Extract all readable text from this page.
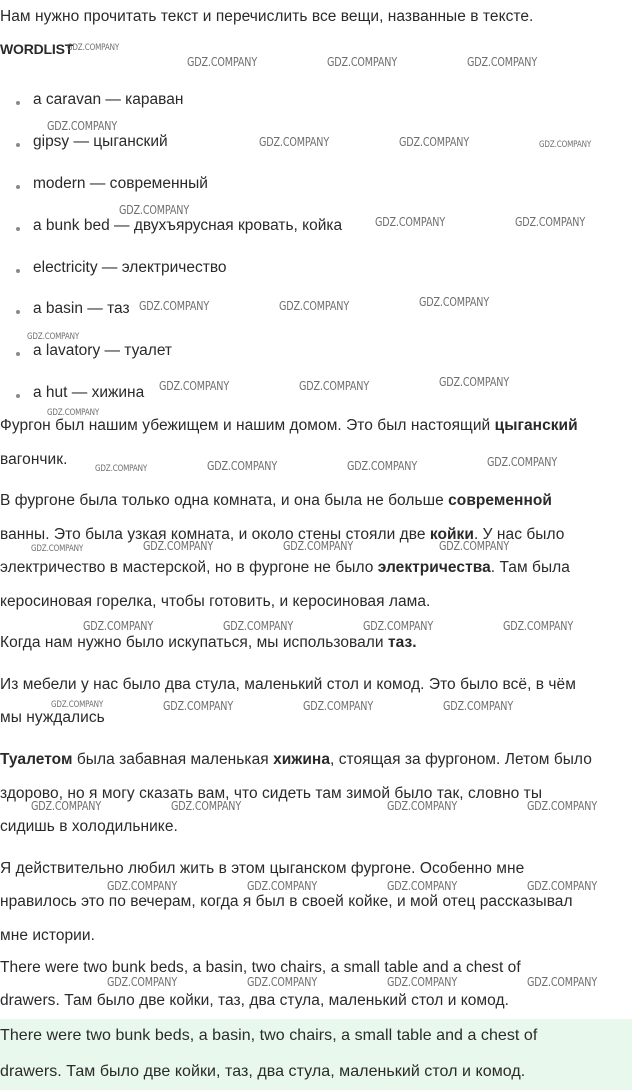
Нам нужно прочитать текст и перечислить все вещи, названные в тексте.
WORDLIST
a caravan — караван
gipsy — цыганский
modern — современный
a bunk bed — двухъярусная кровать, койка
electricity — электричество
a basin — таз
a lavatory — туалет
a hut — хижина
Фургон был нашим убежищем и нашим домом. Это был настоящий цыганский
вагончик.
В фургоне была только одна комната, и она была не больше современной
ванны. Это была узкая комната, и около стены стояли две койки. У нас было
электричество в мастерской, но в фургоне не было электричества. Там была
керосиновая горелка, чтобы готовить, и керосиновая лама.
Когда нам нужно было искупаться, мы использовали таз.
Из мебели у нас было два стула, маленький стол и комод. Это было всё, в чём
мы нуждались
Туалетом была забавная маленькая хижина, стоящая за фургоном. Летом было
здорово, но я могу сказать вам, что сидеть там зимой было так, словно ты
сидишь в холодильнике.
Я действительно любил жить в этом цыганском фургоне. Особенно мне
нравилось это по вечерам, когда я был в своей койке, и мой отец рассказывал
мне истории.
There were two bunk beds, a basin, two chairs, a small table and a chest of
drawers. Там было две койки, таз, два стула, маленький стол и комод.
There were two bunk beds, a basin, two chairs, a small table and a chest of
drawers. Там было две койки, таз, два стула, маленький стол и комод.
GDZ.COMPANY
GDZ.COMPANY	GDZ.COMPANY	GDZ.COMPANY
GDZ.COMPANY
GDZ.COMPANY	GDZ.COMPANY	GDZ.COMPANY
GDZ.COMPANY
GDZ.COMPANY	GDZ.COMPANY
GDZ.COMPANY	GDZ.COMPANY	GDZ.COMPANY
GDZ.COMPANY
GDZ.COMPANY	GDZ.COMPANY	GDZ.COMPANY
GDZ.COMPANY
GDZ.COMPANY	GDZ.COMPANY	GDZ.COMPANY	GDZ.COMPANY
GDZ.COMPANY	GDZ.COMPANY	GDZ.COMPANY	GDZ.COMPANY
GDZ.COMPANY	GDZ.COMPANY	GDZ.COMPANY	GDZ.COMPANY
GDZ.COMPANY	GDZ.COMPANY	GDZ.COMPANY	GDZ.COMPANY
GDZ.COMPANY	GDZ.COMPANY	GDZ.COMPANY	GDZ.COMPANY
GDZ.COMPANY	GDZ.COMPANY	GDZ.COMPANY	GDZ.COMPANY
GDZ.COMPANY	GDZ.COMPANY	GDZ.COMPANY	GDZ.COMPANY
